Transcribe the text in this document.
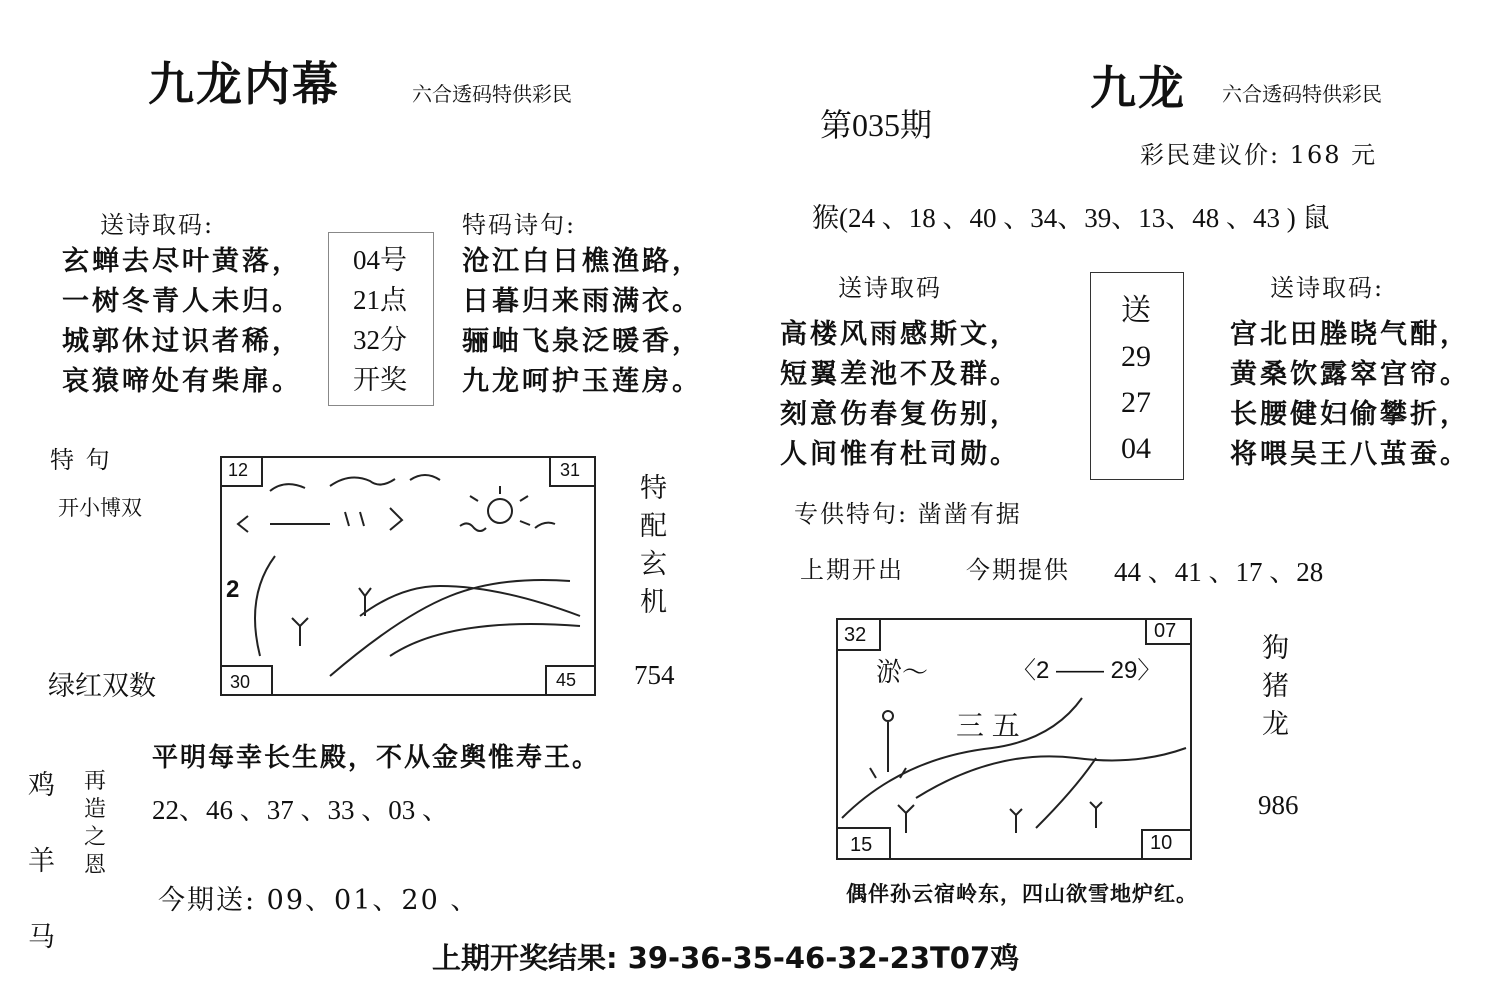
九龙内幕	六合透码特供彩民
第035期
九龙 六合透码特供彩民
彩民建议价: 168 元
送诗取码:
玄蝉去尽叶黄落，
一树冬青人未归。
城郭休过识者稀，
哀猿啼处有柴扉。
04号
21点
32分
开奖
特码诗句:
沧江白日樵渔路，
日暮归来雨满衣。
骊岫飞泉泛暖香，
九龙呵护玉莲房。
特 句
开小博双
12	31
30	45
2
特
配
玄
机
绿红双数	754
鸡
羊
马
再
造
之
恩
平明每幸长生殿，不从金舆惟寿王。
22、46 、37 、33 、03 、
今期送: 09、01、20 、
猴(24 、18 、40 、34、39、13、48 、43 ) 鼠
送诗取码
高楼风雨感斯文，
短翼差池不及群。
刻意伤春复伤别，
人间惟有杜司勋。
送
29
27
04
送诗取码:
宫北田塍晓气酣，
黄桑饮露窣宫帘。
长腰健妇偷攀折，
将喂吴王八茧蚕。
专供特句: 凿凿有据
上期开出	今期提供 44 、41 、17 、28
32	07
15	10
淤～	〈2 —— 29〉
三 五
狗
猪
龙
986
偶伴孙云宿岭东，四山欲雪地炉红。
上期开奖结果: 39-36-35-46-32-23T07鸡
